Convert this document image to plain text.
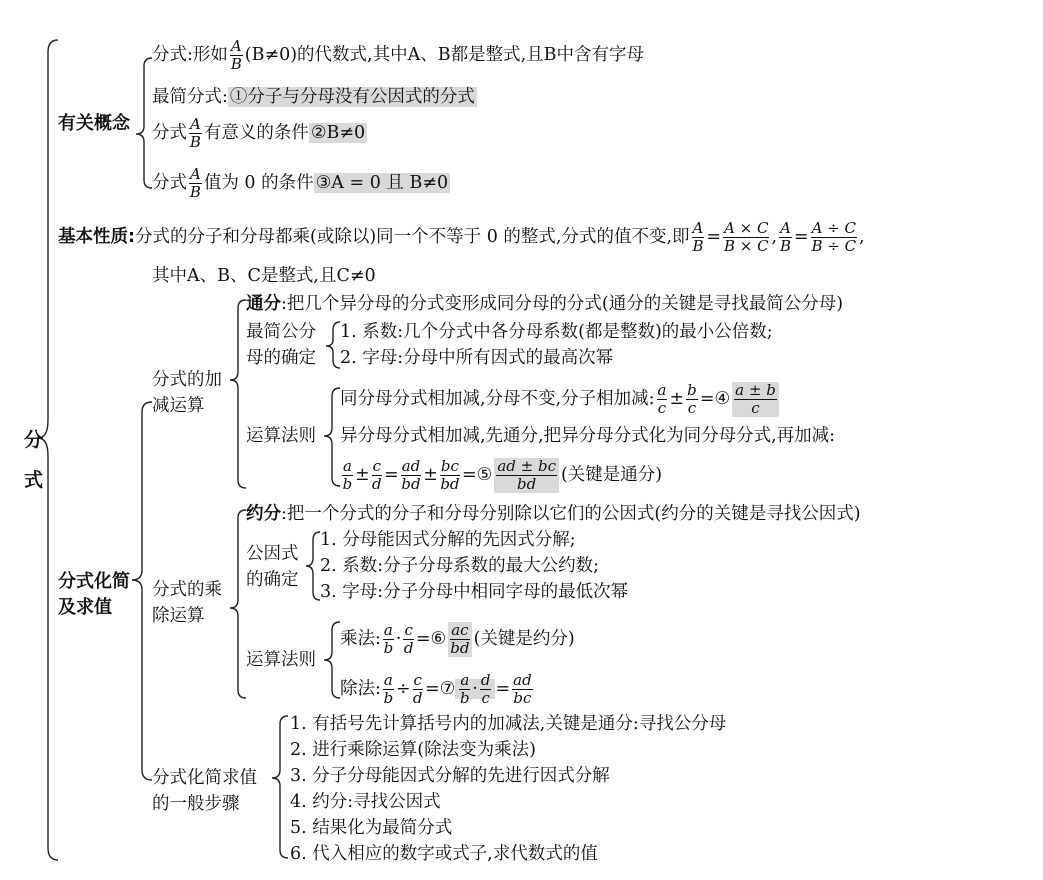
分式
有关概念
分式:形如 $\frac{A}{B} (B\ne 0)$的代数式,其中A、B都是整式,且B中含有字母
最简分式: ①分子与分母没有公因式的分式
分式 $\frac{A}{B}$ 有意义的条件 ②B≠0
分式 $\frac{A}{B}$ 值为 0 的条件 ③A = 0 且 B≠0
基本性质:分式的分子和分母都乘(或除以)同一个不等于 0 的整式,分式的值不变,即 $\frac{A}{B} = \frac{A \times C}{B \times C}$ , $\frac{A}{B} = \frac{A \div C}{B \div C}$ ,
其中A、B、C是整式,且C≠0
分式化简
及求值
分式的加
减运算
通分:把几个异分母的分式变形成同分母的分式(通分的关键是寻找最简公分母)
最简公分
母的确定
1. 系数:几个分式中各分母系数(都是整数)的最小公倍数;
2. 字母:分母中所有因式的最高次幂
运算法则
同分母分式相加减,分母不变,分子相加减: $\frac{a}{c} \pm \frac{b}{c}$ =④ $\frac{a \pm b}{c}$
异分母分式相加减,先通分,把异分母分式化为同分母分式,再加减:
$\frac{a}{b} \pm \frac{c}{d} = \frac{ad}{bd} \pm \frac{bc}{bd}$ =⑤ $\frac{ad \pm bc}{bd}$ (关键是通分)
分式的乘
除运算
约分:把一个分式的分子和分母分别除以它们的公因式(约分的关键是寻找公因式)
公因式
的确定
1. 分母能因式分解的先因式分解;
2. 系数:分子分母系数的最大公约数;
3. 字母:分子分母中相同字母的最低次幂
运算法则
乘法: $\frac{a}{b} \cdot \frac{c}{d}$ =⑥ $\frac{ac}{bd}$ (关键是约分)
除法: $\frac{a}{b} \div \frac{c}{d}$ =⑦ $\frac{a}{b} \cdot \frac{d}{c} = \frac{ad}{bc}$
分式化简求值
的一般步骤
1. 有括号先计算括号内的加减法,关键是通分:寻找公分母
2. 进行乘除运算(除法变为乘法)
3. 分子分母能因式分解的先进行因式分解
4. 约分:寻找公因式
5. 结果化为最简分式
6. 代入相应的数字或式子,求代数式的值
